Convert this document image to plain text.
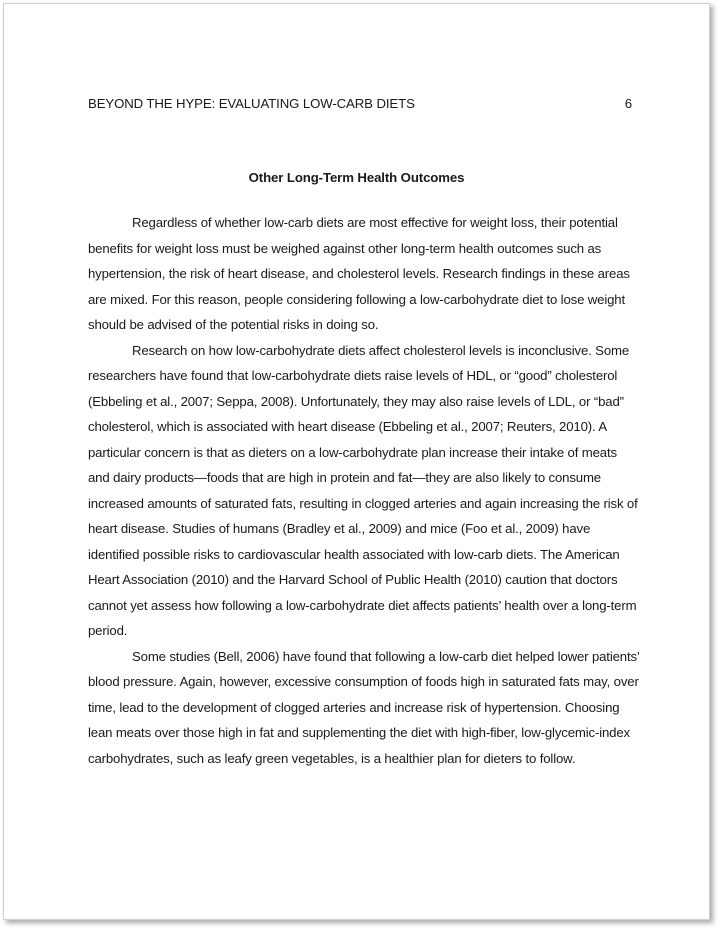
BEYOND THE HYPE: EVALUATING LOW-CARB DIETS	6
Other Long-Term Health Outcomes

Regardless of whether low-carb diets are most effective for weight loss, their potential benefits for weight loss must be weighed against other long-term health outcomes such as hypertension, the risk of heart disease, and cholesterol levels. Research findings in these areas are mixed. For this reason, people considering following a low-carbohydrate diet to lose weight should be advised of the potential risks in doing so.

Research on how low-carbohydrate diets affect cholesterol levels is inconclusive. Some researchers have found that low-carbohydrate diets raise levels of HDL, or “good” cholesterol (Ebbeling et al., 2007; Seppa, 2008). Unfortunately, they may also raise levels of LDL, or “bad” cholesterol, which is associated with heart disease (Ebbeling et al., 2007; Reuters, 2010). A particular concern is that as dieters on a low-carbohydrate plan increase their intake of meats and dairy products—foods that are high in protein and fat—they are also likely to consume increased amounts of saturated fats, resulting in clogged arteries and again increasing the risk of heart disease. Studies of humans (Bradley et al., 2009) and mice (Foo et al., 2009) have identified possible risks to cardiovascular health associated with low-carb diets. The American Heart Association (2010) and the Harvard School of Public Health (2010) caution that doctors cannot yet assess how following a low-carbohydrate diet affects patients’ health over a long-term period.

Some studies (Bell, 2006) have found that following a low-carb diet helped lower patients’ blood pressure. Again, however, excessive consumption of foods high in saturated fats may, over time, lead to the development of clogged arteries and increase risk of hypertension. Choosing lean meats over those high in fat and supplementing the diet with high-fiber, low-glycemic-index carbohydrates, such as leafy green vegetables, is a healthier plan for dieters to follow.
